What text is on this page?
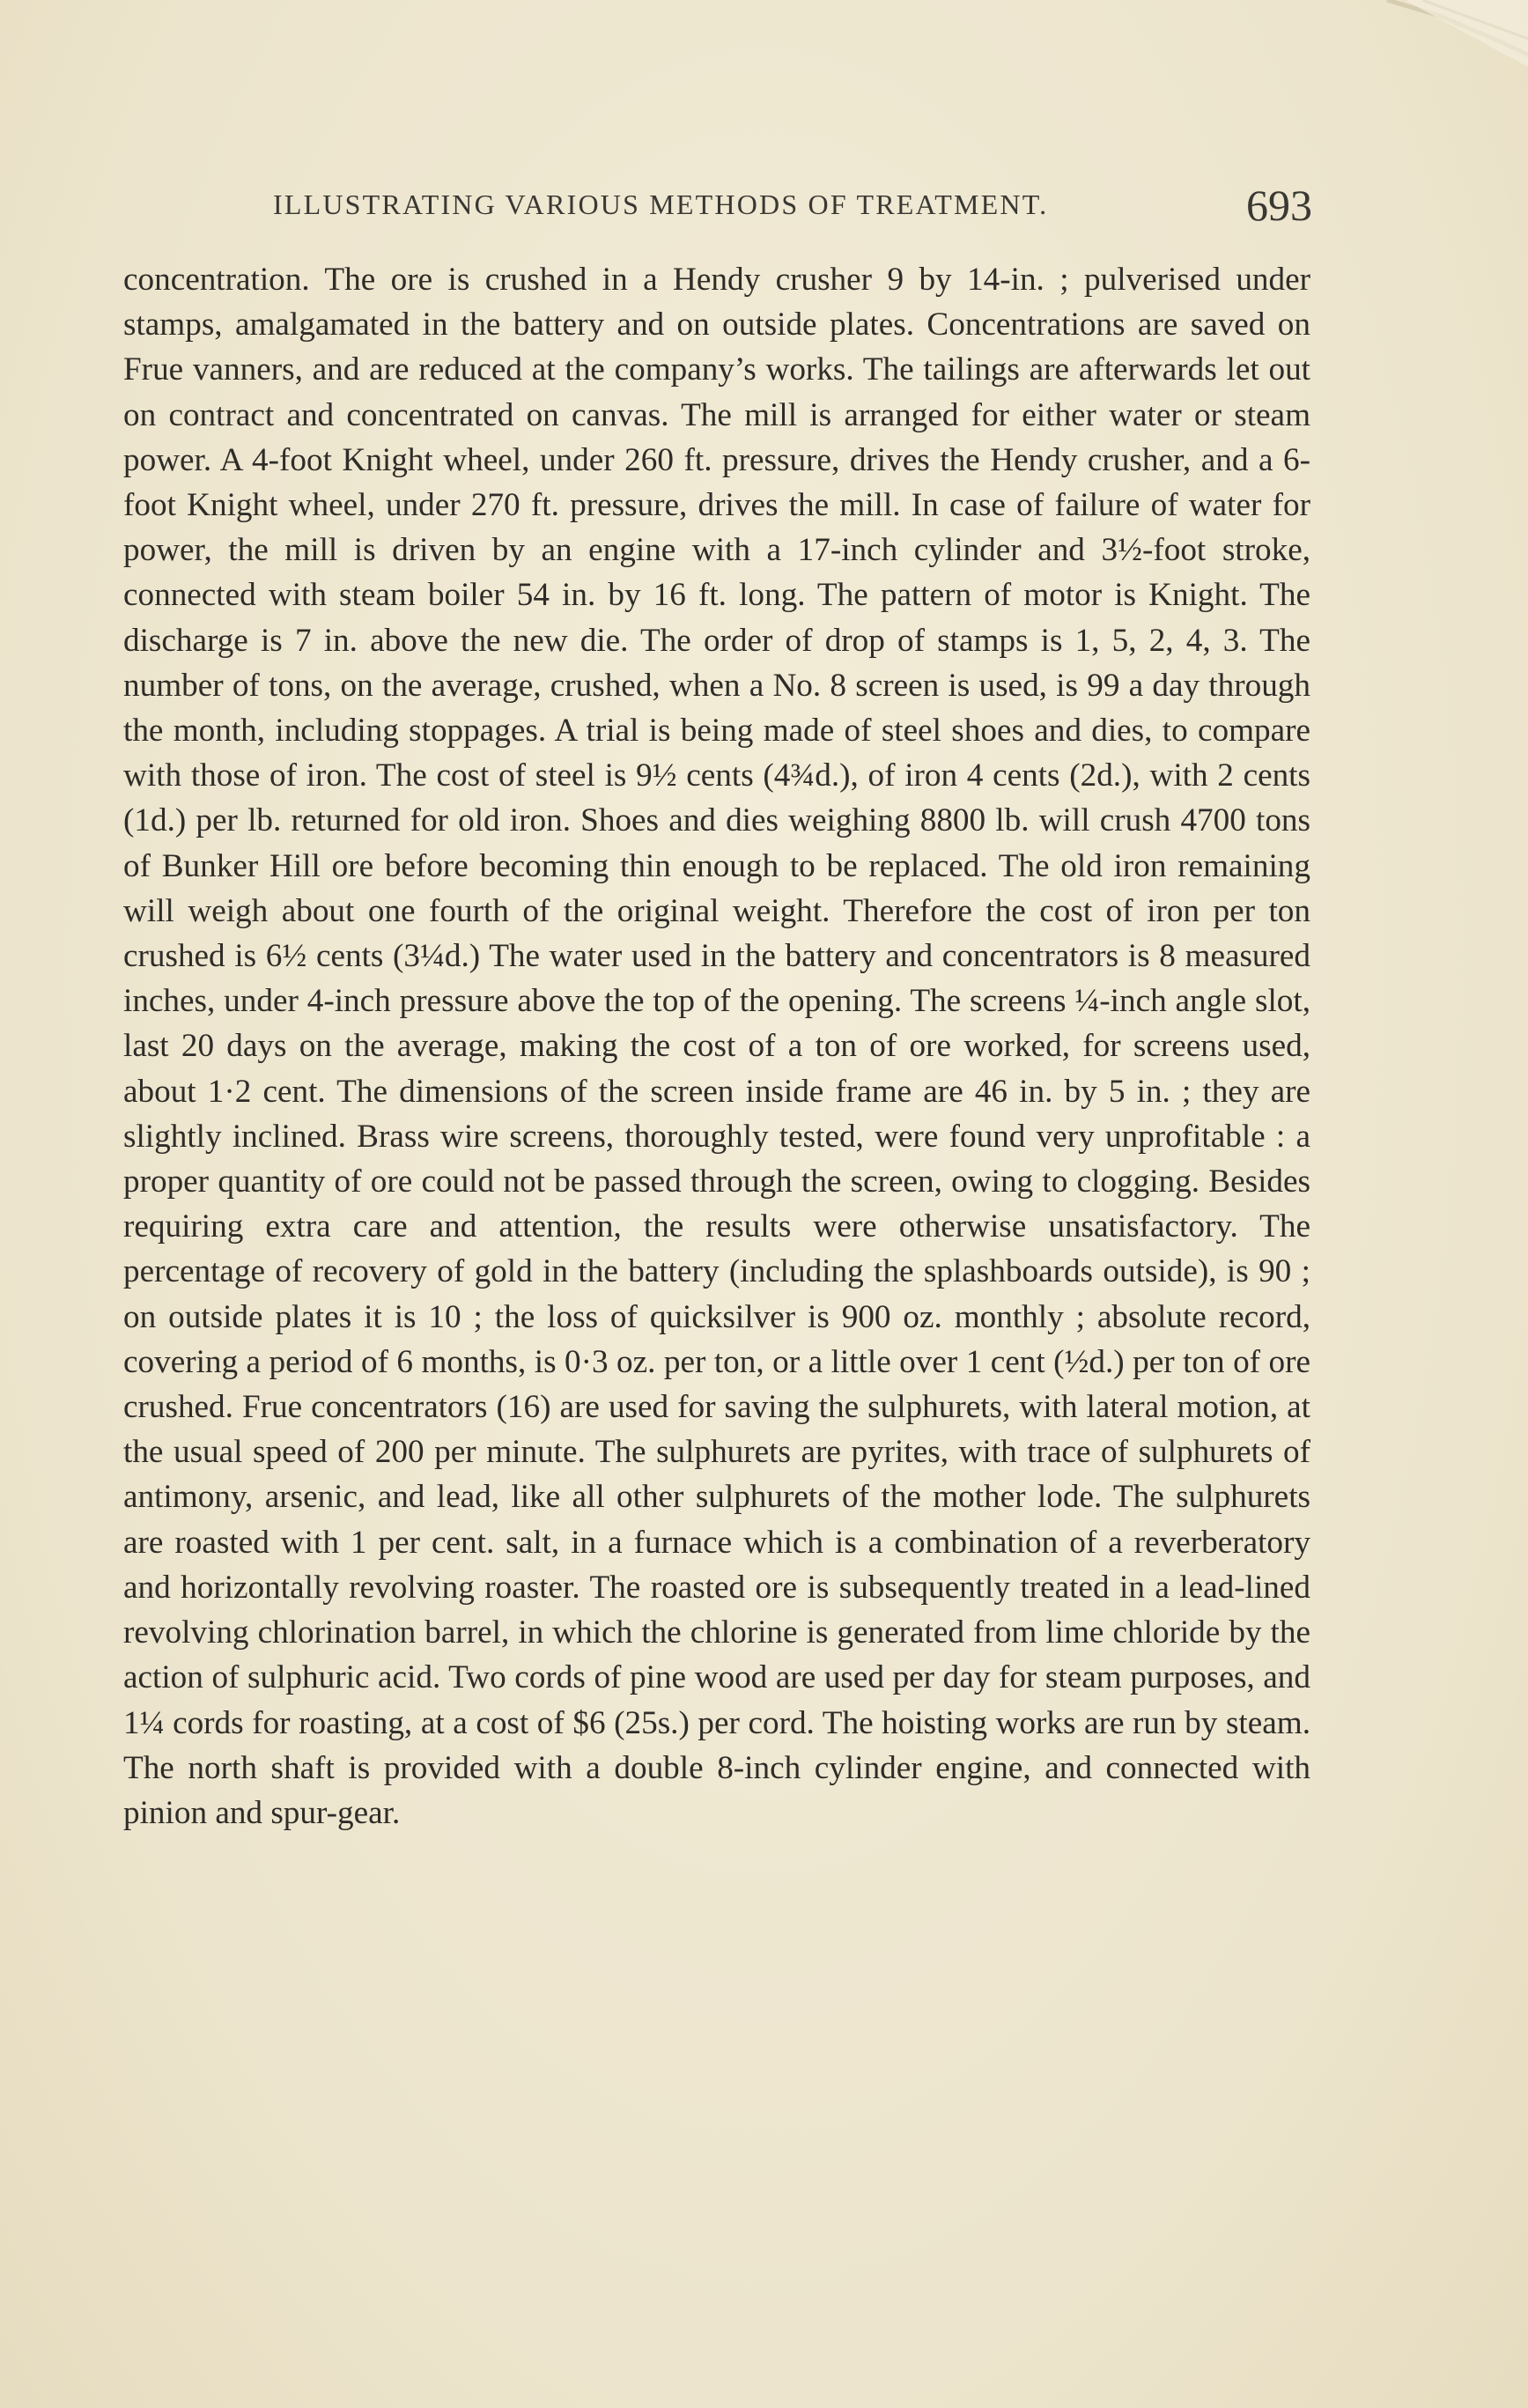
ILLUSTRATING VARIOUS METHODS OF TREATMENT.	693

concentration. The ore is crushed in a Hendy crusher 9 by 14-in. ; pulverised under stamps, amalgamated in the battery and on outside plates. Concentrations are saved on Frue vanners, and are reduced at the company’s works. The tailings are afterwards let out on contract and concentrated on canvas. The mill is arranged for either water or steam power. A 4-foot Knight wheel, under 260 ft. pressure, drives the Hendy crusher, and a 6-foot Knight wheel, under 270 ft. pressure, drives the mill. In case of failure of water for power, the mill is driven by an engine with a 17-inch cylinder and 3½-foot stroke, connected with steam boiler 54 in. by 16 ft. long. The pattern of motor is Knight. The discharge is 7 in. above the new die. The order of drop of stamps is 1, 5, 2, 4, 3. The number of tons, on the average, crushed, when a No. 8 screen is used, is 99 a day through the month, including stoppages. A trial is being made of steel shoes and dies, to compare with those of iron. The cost of steel is 9½ cents (4¾d.), of iron 4 cents (2d.), with 2 cents (1d.) per lb. returned for old iron. Shoes and dies weighing 8800 lb. will crush 4700 tons of Bunker Hill ore before becoming thin enough to be replaced. The old iron remaining will weigh about one fourth of the original weight. Therefore the cost of iron per ton crushed is 6½ cents (3¼d.) The water used in the battery and concentrators is 8 measured inches, under 4-inch pressure above the top of the opening. The screens ¼-inch angle slot, last 20 days on the average, making the cost of a ton of ore worked, for screens used, about 1·2 cent. The dimensions of the screen inside frame are 46 in. by 5 in. ; they are slightly inclined. Brass wire screens, thoroughly tested, were found very unprofitable : a proper quantity of ore could not be passed through the screen, owing to clogging. Besides requiring extra care and attention, the results were otherwise unsatisfactory. The percentage of recovery of gold in the battery (including the splashboards outside), is 90 ; on outside plates it is 10 ; the loss of quicksilver is 900 oz. monthly ; absolute record, covering a period of 6 months, is 0·3 oz. per ton, or a little over 1 cent (½d.) per ton of ore crushed. Frue concentrators (16) are used for saving the sulphurets, with lateral motion, at the usual speed of 200 per minute. The sulphurets are pyrites, with trace of sulphurets of antimony, arsenic, and lead, like all other sulphurets of the mother lode. The sulphurets are roasted with 1 per cent. salt, in a furnace which is a combination of a reverberatory and horizontally revolving roaster. The roasted ore is subsequently treated in a lead-lined revolving chlorination barrel, in which the chlorine is generated from lime chloride by the action of sulphuric acid. Two cords of pine wood are used per day for steam purposes, and 1¼ cords for roasting, at a cost of $6 (25s.) per cord. The hoisting works are run by steam. The north shaft is provided with a double 8-inch cylinder engine, and connected with pinion and spur-gear.
